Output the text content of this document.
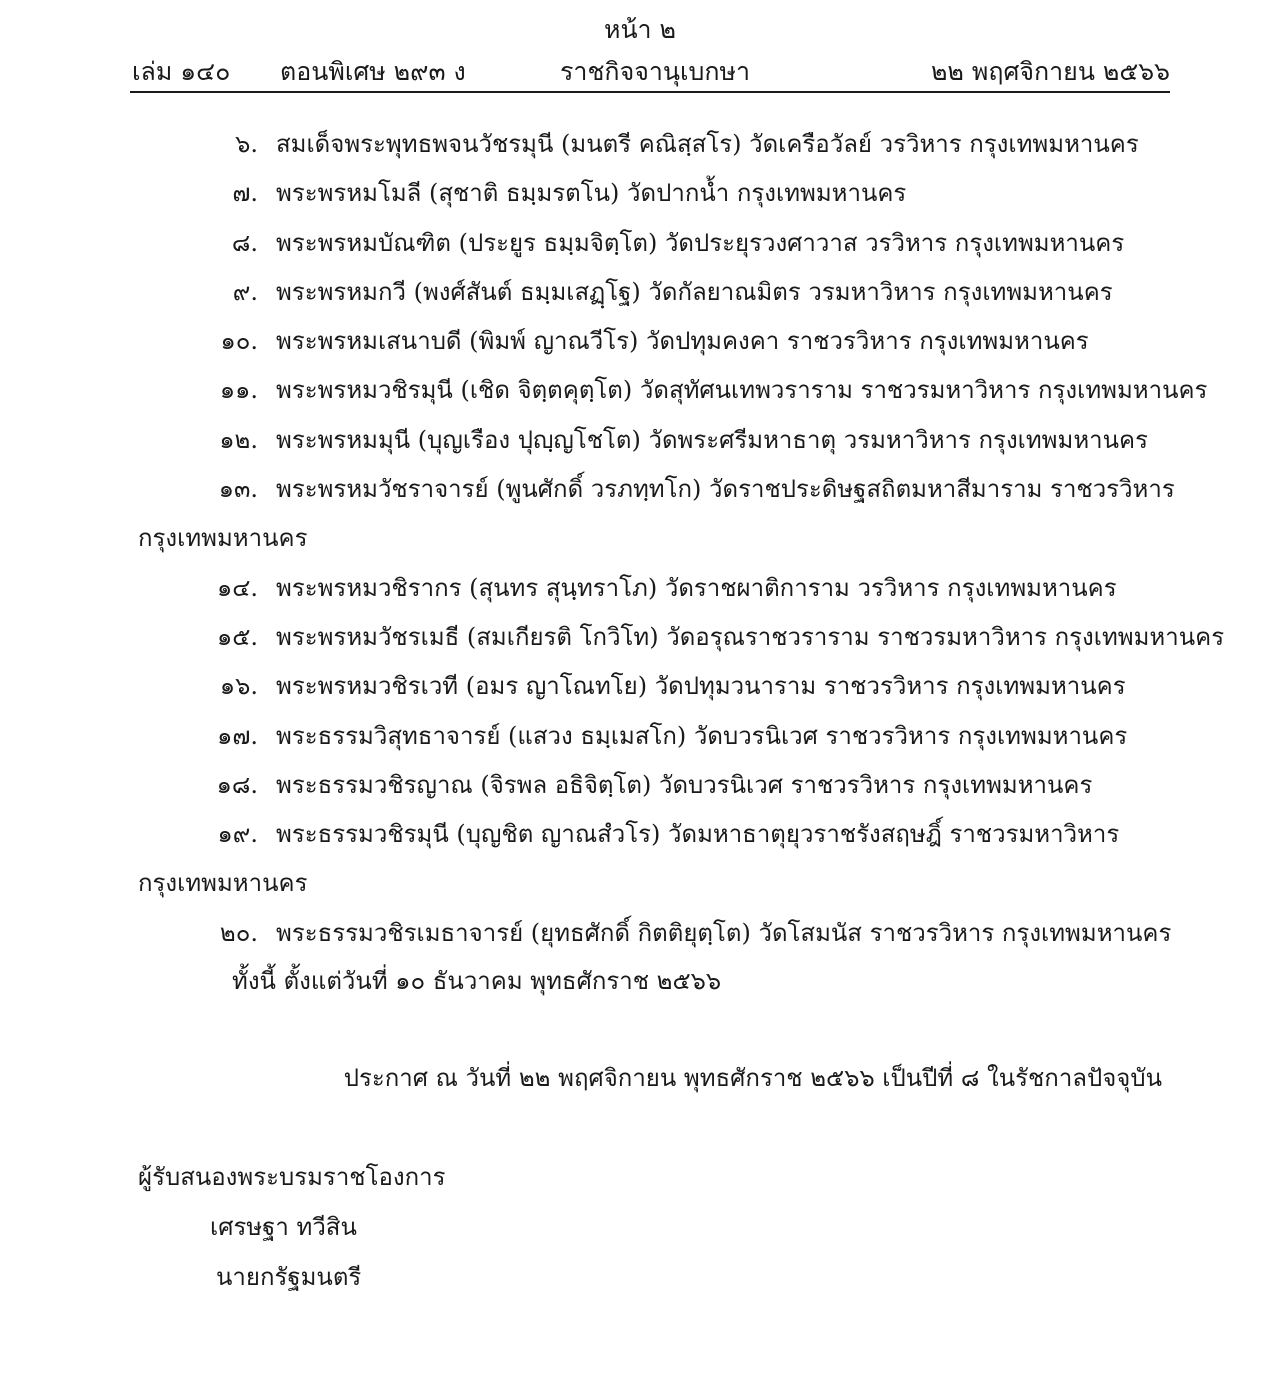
หน้า ๒
เล่ม ๑๔๐ ตอนพิเศษ ๒๙๓ ง	ราชกิจจานุเบกษา	๒๒ พฤศจิกายน ๒๕๖๖
๖. สมเด็จพระพุทธพจนวัชรมุนี (มนตรี คณิสฺสโร) วัดเครือวัลย์ วรวิหาร กรุงเทพมหานคร
๗. พระพรหมโมลี (สุชาติ ธมฺมรตโน) วัดปากน้ำ กรุงเทพมหานคร
๘. พระพรหมบัณฑิต (ประยูร ธมฺมจิตฺโต) วัดประยุรวงศาวาส วรวิหาร กรุงเทพมหานคร
๙. พระพรหมกวี (พงศ์สันต์ ธมฺมเสฏฺโฐ) วัดกัลยาณมิตร วรมหาวิหาร กรุงเทพมหานคร
๑๐. พระพรหมเสนาบดี (พิมพ์ ญาณวีโร) วัดปทุมคงคา ราชวรวิหาร กรุงเทพมหานคร
๑๑. พระพรหมวชิรมุนี (เชิด จิตฺตคุตฺโต) วัดสุทัศนเทพวราราม ราชวรมหาวิหาร กรุงเทพมหานคร
๑๒. พระพรหมมุนี (บุญเรือง ปุญฺญโชโต) วัดพระศรีมหาธาตุ วรมหาวิหาร กรุงเทพมหานคร
๑๓. พระพรหมวัชราจารย์ (พูนศักดิ์ วรภทฺทโก) วัดราชประดิษฐสถิตมหาสีมาราม ราชวรวิหาร
กรุงเทพมหานคร
๑๔. พระพรหมวชิรากร (สุนทร สุนฺทราโภ) วัดราชผาติการาม วรวิหาร กรุงเทพมหานคร
๑๕. พระพรหมวัชรเมธี (สมเกียรติ โกวิโท) วัดอรุณราชวราราม ราชวรมหาวิหาร กรุงเทพมหานคร
๑๖. พระพรหมวชิรเวที (อมร ญาโณทโย) วัดปทุมวนาราม ราชวรวิหาร กรุงเทพมหานคร
๑๗. พระธรรมวิสุทธาจารย์ (แสวง ธมฺเมสโก) วัดบวรนิเวศ ราชวรวิหาร กรุงเทพมหานคร
๑๘. พระธรรมวชิรญาณ (จิรพล อธิจิตฺโต) วัดบวรนิเวศ ราชวรวิหาร กรุงเทพมหานคร
๑๙. พระธรรมวชิรมุนี (บุญชิต ญาณสํวโร) วัดมหาธาตุยุวราชรังสฤษฎิ์ ราชวรมหาวิหาร
กรุงเทพมหานคร
๒๐. พระธรรมวชิรเมธาจารย์ (ยุทธศักดิ์ กิตติยุตฺโต) วัดโสมนัส ราชวรวิหาร กรุงเทพมหานคร
ทั้งนี้ ตั้งแต่วันที่ ๑๐ ธันวาคม พุทธศักราช ๒๕๖๖
ประกาศ ณ วันที่ ๒๒ พฤศจิกายน พุทธศักราช ๒๕๖๖ เป็นปีที่ ๘ ในรัชกาลปัจจุบัน
ผู้รับสนองพระบรมราชโองการ
เศรษฐา ทวีสิน
นายกรัฐมนตรี
